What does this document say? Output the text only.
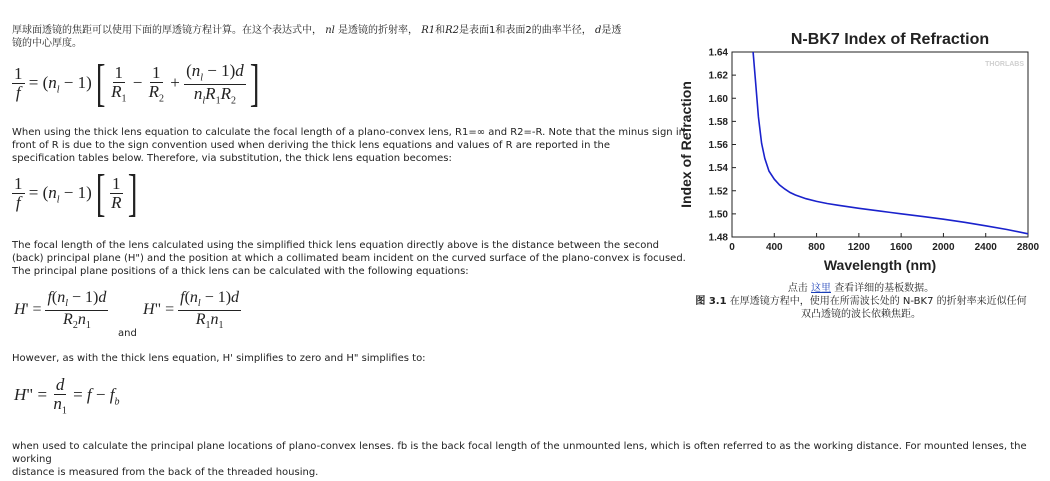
厚球面透镜的焦距可以使用下面的厚透镜方程计算。在这个表达式中， nl 是透镜的折射率， R1和R2是表面1和表面2的曲率半径， d是透
镜的中心厚度。
$\frac{1}{f} = (n_l - 1)[ \frac{1}{R_1} - \frac{1}{R_2} + \frac{(n_l - 1)d}{n_lR_1R_2}$ ]
When using the thick lens equation to calculate the focal length of a plano-convex lens, R1=∞ and R2=-R. Note that the minus sign in
front of R is due to the sign convention used when deriving the thick lens equations and values of R are reported in the
specification tables below. Therefore, via substitution, the thick lens equation becomes:
$\frac{1}{f} = (n_l - 1)[ \frac{1}{R}$ ]
The focal length of the lens calculated using the simplified thick lens equation directly above is the distance between the second
(back) principal plane (H") and the position at which a collimated beam incident on the curved surface of the plano-convex is focused.
The principal plane positions of a thick lens can be calculated with the following equations:
$H' = \frac{f(n_l - 1)d}{R_2n_1}$
and
H" = $\frac{f(n_l - 1)d}{R_1n_1}$
However, as with the thick lens equation, H' simplifies to zero and H" simplifies to:
H" = $\frac{d}{n_1} = f - f_b$
when used to calculate the principal plane locations of plano-convex lenses. fb is the back focal length of the unmounted lens, which is often referred to as the working distance. For mounted lenses, the working
distance is measured from the back of the threaded housing.
N-BK7 Index of Refraction
THORLABS
1.48
1.50
1.52
1.54
1.56
1.58
1.60
1.62
1.64
0	400	800 1200 1600 2000 2400 2800
Wavelength (nm)
Index of Refraction
点击 这里 查看详细的基板数据。
图 3.1 在厚透镜方程中，使用在所需波长处的 N-BK7 的折射率来近似任何
双凸透镜的波长依赖焦距。
